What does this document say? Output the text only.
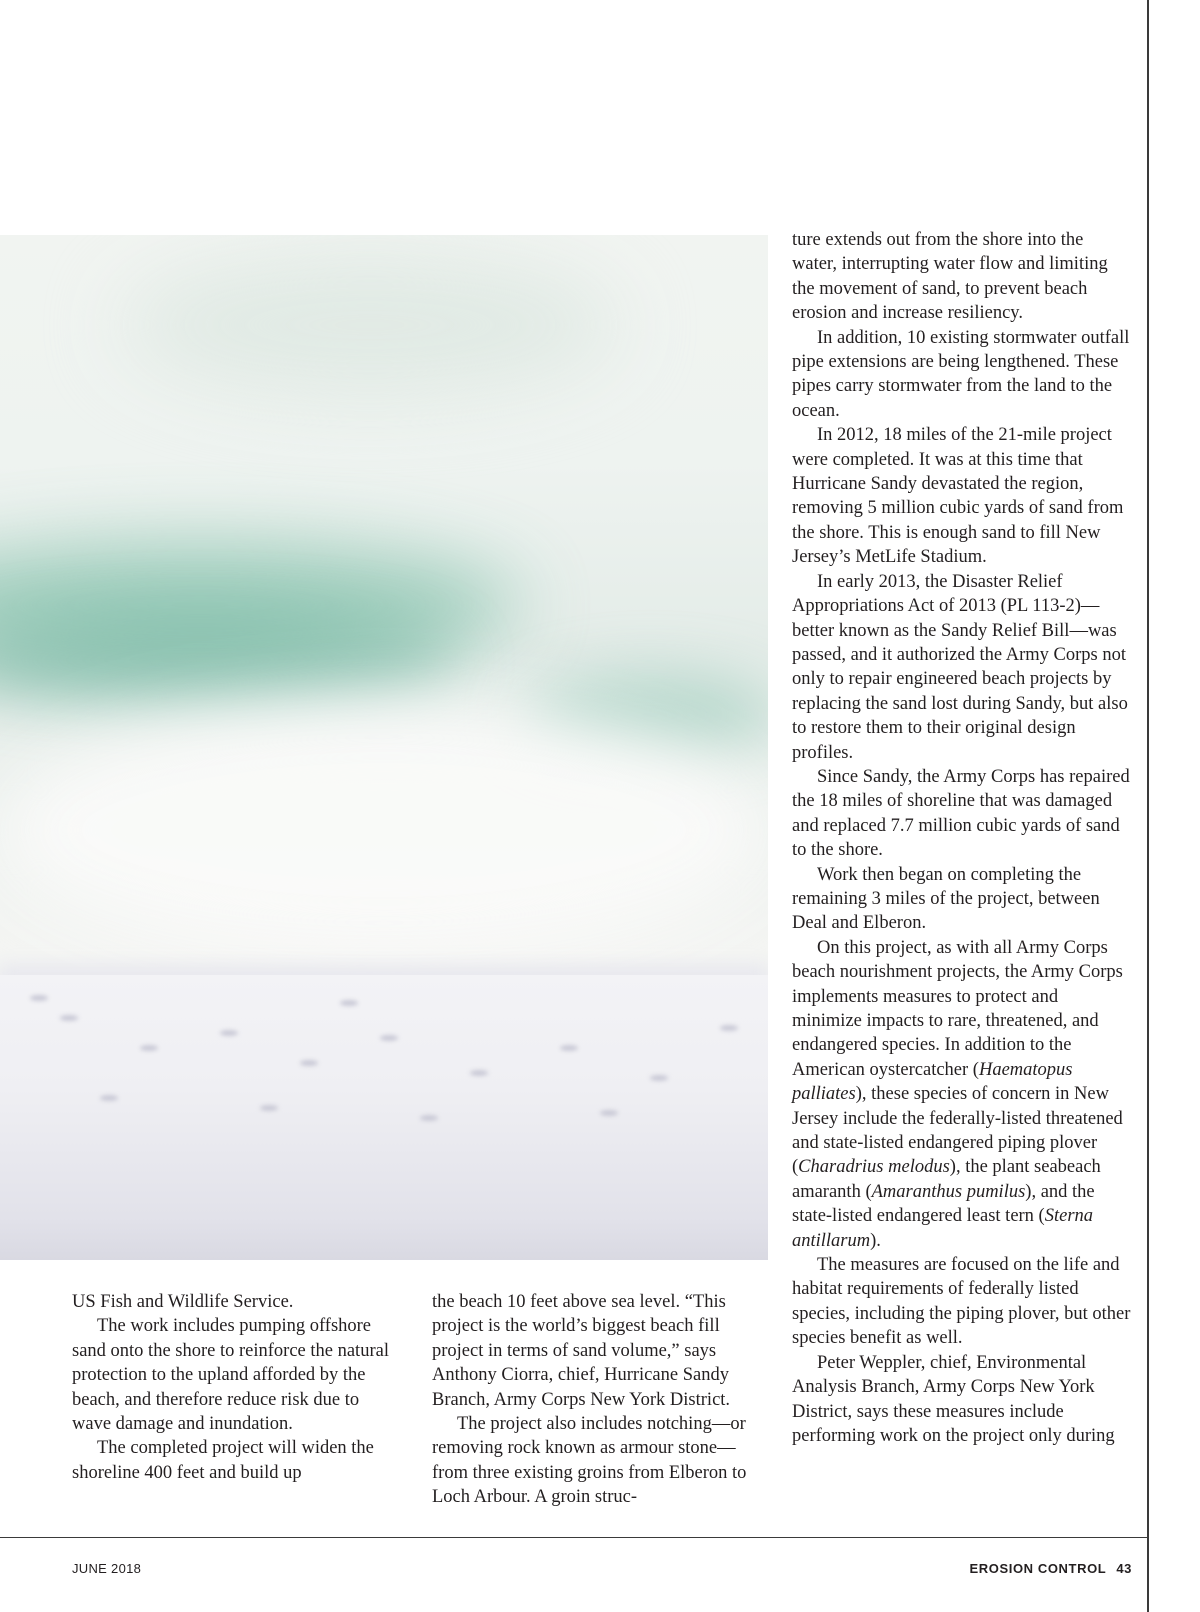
ture extends out from the shore into the water, interrupting water flow and limiting the movement of sand, to prevent beach erosion and increase resiliency.

In addition, 10 existing stormwater outfall pipe extensions are being lengthened. These pipes carry stormwater from the land to the ocean.

In 2012, 18 miles of the 21-mile project were completed. It was at this time that Hurricane Sandy devastated the region, removing 5 million cubic yards of sand from the shore. This is enough sand to fill New Jersey’s MetLife Stadium.

In early 2013, the Disaster Relief Appropriations Act of 2013 (PL 113-2)—better known as the Sandy Relief Bill—was passed, and it authorized the Army Corps not only to repair engineered beach projects by replacing the sand lost during Sandy, but also to restore them to their original design profiles.

Since Sandy, the Army Corps has repaired the 18 miles of shoreline that was damaged and replaced 7.7 million cubic yards of sand to the shore.

Work then began on completing the remaining 3 miles of the project, between Deal and Elberon.

On this project, as with all Army Corps beach nourishment projects, the Army Corps implements measures to protect and minimize impacts to rare, threatened, and endangered species. In addition to the American oystercatcher (Haematopus palliates), these species of concern in New Jersey include the federally-listed threatened and state-listed endangered piping plover (Charadrius melodus), the plant seabeach amaranth (Amaranthus pumilus), and the state-listed endangered least tern (Sterna antillarum).

The measures are focused on the life and habitat requirements of federally listed species, including the piping plover, but other species benefit as well.

Peter Weppler, chief, Environmental Analysis Branch, Army Corps New York District, says these measures include performing work on the project only during

US Fish and Wildlife Service.

The work includes pumping offshore sand onto the shore to reinforce the natural protection to the upland afforded by the beach, and therefore reduce risk due to wave damage and inundation.

The completed project will widen the shoreline 400 feet and build up

the beach 10 feet above sea level. “This project is the world’s biggest beach fill project in terms of sand volume,” says Anthony Ciorra, chief, Hurricane Sandy Branch, Army Corps New York District.

The project also includes notching—or removing rock known as armour stone—from three existing groins from Elberon to Loch Arbour. A groin struc-

JUNE 2018	EROSION CONTROL 43
